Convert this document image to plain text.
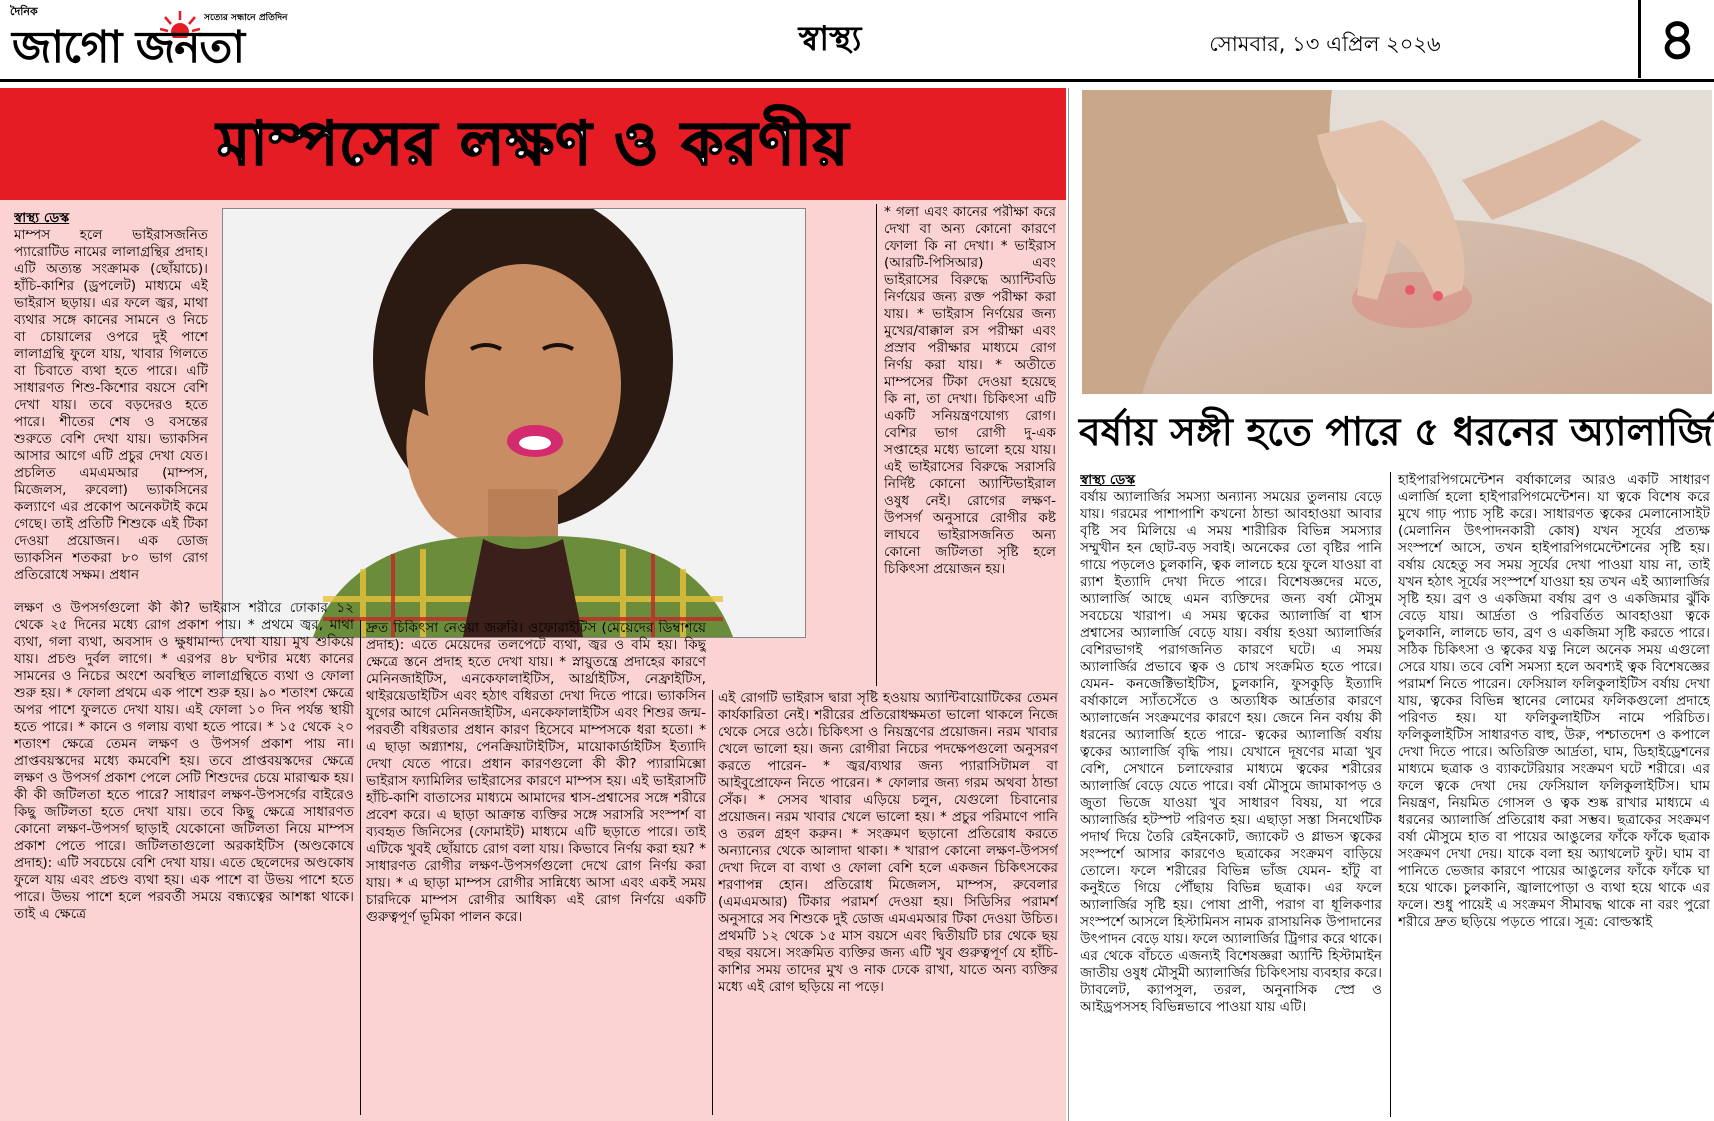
দৈনিক	সত্যের সন্ধানে প্রতিদিন
জাগো জনতা	স্বাস্থ্য	সোমবার, ১৩ এপ্রিল ২০২৬	৪
মাম্পসের লক্ষণ ও করণীয়

স্বাস্থ্য ডেস্ক

মাম্পস হলে ভাইরাসজনিত প্যারোটিড নামের লালাগ্রন্থির প্রদাহ। এটি অত্যন্ত সংক্রামক (ছোঁয়াচে)। হাঁচি-কাশির (ড্রপলেট) মাধ্যমে এই ভাইরাস ছড়ায়। এর ফলে জ্বর, মাথা ব্যথার সঙ্গে কানের সামনে ও নিচে বা চোয়ালের ওপরে দুই পাশে লালাগ্রন্থি ফুলে যায়, খাবার গিলতে বা চিবাতে ব্যথা হতে পারে। এটি সাধারণত শিশু-কিশোর বয়সে বেশি দেখা যায়। তবে বড়দেরও হতে পারে। শীতের শেষ ও বসন্তের শুরুতে বেশি দেখা যায়। ভ্যাকসিন আসার আগে এটি প্রচুর দেখা যেত। প্রচলিত এমএমআর (মাম্পস, মিজেলস, রুবেলা) ভ্যাকসিনের কল্যাণে এর প্রকোপ অনেকটাই কমে গেছে। তাই প্রতিটি শিশুকে এই টিকা দেওয়া প্রয়োজন। এক ডোজ ভ্যাকসিন শতকরা ৮০ ভাগ রোগ প্রতিরোধে সক্ষম। প্রধান

* গলা এবং কানের পরীক্ষা করে দেখা বা অন্য কোনো কারণে ফোলা কি না দেখা। * ভাইরাস (আরটি-পিসিআর) এবং ভাইরাসের বিরুদ্ধে অ্যান্টিবডি নির্ণয়ের জন্য রক্ত পরীক্ষা করা যায়। * ভাইরাস নির্ণয়ের জন্য মুখের/বাক্কাল রস পরীক্ষা এবং প্রস্রাব পরীক্ষার মাধ্যমে রোগ নির্ণয় করা যায়। * অতীতে মাম্পসের টিকা দেওয়া হয়েছে কি না, তা দেখা। চিকিৎসা এটি একটি সনিয়ন্ত্রণযোগ্য রোগ। বেশির ভাগ রোগী দু-এক সপ্তাহের মধ্যে ভালো হয়ে যায়। এই ভাইরাসের বিরুদ্ধে সরাসরি নির্দিষ্ট কোনো অ্যান্টিভাইরাল ওষুধ নেই। রোগের লক্ষণ-উপসর্গ অনুসারে রোগীর কষ্ট লাঘবে ভাইরাসজনিত অন্য কোনো জটিলতা সৃষ্টি হলে চিকিৎসা প্রয়োজন হয়।

লক্ষণ ও উপসর্গগুলো কী কী? ভাইরাস শরীরে ঢোকার ১২ থেকে ২৫ দিনের মধ্যে রোগ প্রকাশ পায়। * প্রথমে জ্বর, মাথা ব্যথা, গলা ব্যথা, অবসাদ ও ক্ষুধামান্দ্য দেখা যায়। মুখ শুকিয়ে যায়। প্রচণ্ড দুর্বল লাগে। * এরপর ৪৮ ঘণ্টার মধ্যে কানের সামনের ও নিচের অংশে অবস্থিত লালাগ্রন্থিতে ব্যথা ও ফোলা শুরু হয়। * ফোলা প্রথমে এক পাশে শুরু হয়। ৯০ শতাংশ ক্ষেত্রে অপর পাশে ফুলতে দেখা যায়। এই ফোলা ১০ দিন পর্যন্ত স্থায়ী হতে পারে। * কানে ও গলায় ব্যথা হতে পারে। * ১৫ থেকে ২০ শতাংশ ক্ষেত্রে তেমন লক্ষণ ও উপসর্গ প্রকাশ পায় না। প্রাপ্তবয়স্কদের মধ্যে কমবেশি হয়। তবে প্রাপ্তবয়স্কদের ক্ষেত্রে লক্ষণ ও উপসর্গ প্রকাশ পেলে সেটি শিশুদের চেয়ে মারাত্মক হয়। কী কী জটিলতা হতে পারে? সাধারণ লক্ষণ-উপসর্গের বাইরেও কিছু জটিলতা হতে দেখা যায়। তবে কিছু ক্ষেত্রে সাধারণত কোনো লক্ষণ-উপসর্গ ছাড়াই যেকোনো জটিলতা নিয়ে মাম্পস প্রকাশ পেতে পারে। জটিলতাগুলো অরকাইটিস (অণ্ডকোষে প্রদাহ): এটি সবচেয়ে বেশি দেখা যায়। এতে ছেলেদের অণ্ডকোষ ফুলে যায় এবং প্রচণ্ড ব্যথা হয়। এক পাশে বা উভয় পাশে হতে পারে। উভয় পাশে হলে পরবর্তী সময়ে বন্ধ্যত্বের আশঙ্কা থাকে। তাই এ ক্ষেত্রে

দ্রুত চিকিৎসা নেওয়া জরুরি। ওফোরাইটিস (মেয়েদের ডিম্বাশয়ে প্রদাহ): এতে মেয়েদের তলপেটে ব্যথা, জ্বর ও বমি হয়। কিছু ক্ষেত্রে স্তনে প্রদাহ হতে দেখা যায়। * স্নায়ুতন্ত্রে প্রদাহের কারণে মেনিনজাইটিস, এনকেফালাইটিস, আর্থ্রাইটিস, নেফ্রাইটিস, থাইরয়েডাইটিস এবং হঠাৎ বধিরতা দেখা দিতে পারে। ভ্যাকসিন যুগের আগে মেনিনজাইটিস, এনকেফালাইটিস এবং শিশুর জন্ম-পরবর্তী বধিরতার প্রধান কারণ হিসেবে মাম্পসকে ধরা হতো। * এ ছাড়া অগ্ন্যাশয়, পেনক্রিয়াটাইটিস, মায়োকার্ডাইটিস ইত্যাদি দেখা যেতে পারে। প্রধান কারণগুলো কী কী? প্যারামিক্সো ভাইরাস ফ্যামিলির ভাইরাসের কারণে মাম্পস হয়। এই ভাইরাসটি হাঁচি-কাশি বাতাসের মাধ্যমে আমাদের শ্বাস-প্রশ্বাসের সঙ্গে শরীরে প্রবেশ করে। এ ছাড়া আক্রান্ত ব্যক্তির সঙ্গে সরাসরি সংস্পর্শ বা ব্যবহৃত জিনিসের (ফোমাইট) মাধ্যমে এটি ছড়াতে পারে। তাই এটিকে খুবই ছোঁয়াচে রোগ বলা যায়। কিভাবে নির্ণয় করা হয়? * সাধারণত রোগীর লক্ষণ-উপসর্গগুলো দেখে রোগ নির্ণয় করা যায়। * এ ছাড়া মাম্পস রোগীর সান্নিধ্যে আসা এবং একই সময় চারদিকে মাম্পস রোগীর আধিক্য এই রোগ নির্ণয়ে একটি গুরুত্বপূর্ণ ভূমিকা পালন করে।

এই রোগটি ভাইরাস দ্বারা সৃষ্টি হওয়ায় অ্যান্টিবায়োটিকের তেমন কার্যকারিতা নেই। শরীরের প্রতিরোধক্ষমতা ভালো থাকলে নিজে থেকে সেরে ওঠে। চিকিৎসা ও নিয়ন্ত্রণের প্রয়োজন। নরম খাবার খেলে ভালো হয়। জন্য রোগীরা নিচের পদক্ষেপগুলো অনুসরণ করতে পারেন- * জ্বর/ব্যথার জন্য প্যারাসিটামল বা আইবুপ্রোফেন নিতে পারেন। * ফোলার জন্য গরম অথবা ঠান্ডা সেঁক। * সেসব খাবার এড়িয়ে চলুন, যেগুলো চিবানোর প্রয়োজন। নরম খাবার খেলে ভালো হয়। * প্রচুর পরিমাণে পানি ও তরল গ্রহণ করুন। * সংক্রমণ ছড়ানো প্রতিরোধ করতে অন্যান্যের থেকে আলাদা থাকা। * খারাপ কোনো লক্ষণ-উপসর্গ দেখা দিলে বা ব্যথা ও ফোলা বেশি হলে একজন চিকিৎসকের শরণাপন্ন হোন। প্রতিরোধ মিজেলস, মাম্পস, রুবেলার (এমএমআর) টিকার পরামর্শ দেওয়া হয়। সিডিসির পরামর্শ অনুসারে সব শিশুকে দুই ডোজ এমএমআর টিকা দেওয়া উচিত। প্রথমটি ১২ থেকে ১৫ মাস বয়সে এবং দ্বিতীয়টি চার থেকে ছয় বছর বয়সে। সংক্রমিত ব্যক্তির জন্য এটি খুব গুরুত্বপূর্ণ যে হাঁচি-কাশির সময় তাদের মুখ ও নাক ঢেকে রাখা, যাতে অন্য ব্যক্তির মধ্যে এই রোগ ছড়িয়ে না পড়ে।

বর্ষায় সঙ্গী হতে পারে ৫ ধরনের অ্যালার্জি

স্বাস্থ্য ডেস্ক

বর্ষায় অ্যালার্জির সমস্যা অন্যান্য সময়ের তুলনায় বেড়ে যায়। গরমের পাশাপাশি কখনো ঠান্ডা আবহাওয়া আবার বৃষ্টি সব মিলিয়ে এ সময় শারীরিক বিভিন্ন সমস্যার সম্মুখীন হন ছোট-বড় সবাই। অনেকের তো বৃষ্টির পানি গায়ে পড়লেও চুলকানি, ত্বক লালচে হয়ে ফুলে যাওয়া বা র‍্যাশ ইত্যাদি দেখা দিতে পারে। বিশেষজ্ঞদের মতে, অ্যালার্জি আছে এমন ব্যক্তিদের জন্য বর্ষা মৌসুম সবচেয়ে খারাপ। এ সময় ত্বকের অ্যালার্জি বা শ্বাস প্রশ্বাসের অ্যালার্জি বেড়ে যায়। বর্ষায় হওয়া অ্যালার্জির বেশিরভাগই পরাগজনিত কারণে ঘটে। এ সময় অ্যালার্জির প্রভাবে ত্বক ও চোখ সংক্রমিত হতে পারে। যেমন- কনজেক্টিভাইটিস, চুলকানি, ফুসকুড়ি ইত্যাদি বর্ষাকালে স্যাঁতসেঁতে ও অত্যধিক আর্দ্রতার কারণে অ্যালার্জেন সংক্রমণের কারণে হয়। জেনে নিন বর্ষায় কী ধরনের অ্যালার্জি হতে পারে- ত্বকের অ্যালার্জি বর্ষায় ত্বকের অ্যালার্জি বৃদ্ধি পায়। যেখানে দূষণের মাত্রা খুব বেশি, সেখানে চলাফেরার মাধ্যমে ত্বকের শরীরের অ্যালার্জি বেড়ে যেতে পারে। বর্ষা মৌসুমে জামাকাপড় ও জুতা ভিজে যাওয়া খুব সাধারণ বিষয়, যা পরে অ্যালার্জির হটস্পট পরিণত হয়। এছাড়া সস্তা সিনথেটিক পদার্থ দিয়ে তৈরি রেইনকোট, জ্যাকেট ও গ্লাভস ত্বকের সংস্পর্শে আসার কারণেও ছত্রাকের সংক্রমণ বাড়িয়ে তোলে। ফলে শরীরের বিভিন্ন ভাঁজ যেমন- হাঁটু বা কনুইতে গিয়ে পৌঁছায় বিভিন্ন ছত্রাক। এর ফলে অ্যালার্জির সৃষ্টি হয়। পোষা প্রাণী, পরাগ বা ধূলিকণার সংস্পর্শে আসলে হিস্টামিনস নামক রাসায়নিক উপাদানের উৎপাদন বেড়ে যায়। ফলে অ্যালার্জির ট্রিগার করে থাকে। এর থেকে বাঁচতে এজন্যই বিশেষজ্ঞরা অ্যান্টি হিস্টামাইন জাতীয় ওষুধ মৌসুমী অ্যালার্জির চিকিৎসায় ব্যবহার করে। ট্যাবলেট, ক্যাপসুল, তরল, অনুনাসিক স্প্রে ও আইড্রপসসহ বিভিন্নভাবে পাওয়া যায় এটি।

হাইপারপিগমেন্টেশন বর্ষাকালের আরও একটি সাধারণ এলার্জি হলো হাইপারপিগমেন্টেশন। যা ত্বকে বিশেষ করে মুখে গাঢ় প্যাচ সৃষ্টি করে। সাধারণত ত্বকের মেলানোসাইট (মেলানিন উৎপাদনকারী কোষ) যখন সূর্যের প্রত্যক্ষ সংস্পর্শে আসে, তখন হাইপারপিগমেন্টেশনের সৃষ্টি হয়। বর্ষায় যেহেতু সব সময় সূর্যের দেখা পাওয়া যায় না, তাই যখন হঠাৎ সূর্যের সংস্পর্শে যাওয়া হয় তখন এই অ্যালার্জির সৃষ্টি হয়। ব্রণ ও একজিমা বর্ষায় ব্রণ ও একজিমার ঝুঁকি বেড়ে যায়। আর্দ্রতা ও পরিবর্তিত আবহাওয়া ত্বকে চুলকানি, লালচে ভাব, ব্রণ ও একজিমা সৃষ্টি করতে পারে। সঠিক চিকিৎসা ও ত্বকের যত্ন নিলে অনেক সময় এগুলো সেরে যায়। তবে বেশি সমস্যা হলে অবশ্যই ত্বক বিশেষজ্ঞের পরামর্শ নিতে পারেন। ফেসিয়াল ফলিকুলাইটিস বর্ষায় দেখা যায়, ত্বকের বিভিন্ন স্থানের লোমের ফলিকগুলো প্রদাহে পরিণত হয়। যা ফলিকুলাইটিস নামে পরিচিত। ফলিকুলাইটিস সাধারণত বাহু, উরু, পশ্চাতদেশ ও কপালে দেখা দিতে পারে। অতিরিক্ত আর্দ্রতা, ঘাম, ডিহাইড্রেশনের মাধ্যমে ছত্রাক ও ব্যাকটেরিয়ার সংক্রমণ ঘটে শরীরে। এর ফলে ত্বকে দেখা দেয় ফেসিয়াল ফলিকুলাইটিস। ঘাম নিয়ন্ত্রণ, নিয়মিত গোসল ও ত্বক শুষ্ক রাখার মাধ্যমে এ ধরনের অ্যালার্জি প্রতিরোধ করা সম্ভব। ছত্রাকের সংক্রমণ বর্ষা মৌসুমে হাত বা পায়ের আঙুলের ফাঁকে ফাঁকে ছত্রাক সংক্রমণ দেখা দেয়। যাকে বলা হয় অ্যাথলেট ফুট। ঘাম বা পানিতে ভেজার কারণে পায়ের আঙুলের ফাঁকে ফাঁকে ঘা হয়ে থাকে। চুলকানি, জ্বালাপোড়া ও ব্যথা হয়ে থাকে এর ফলে। শুধু পায়েই এ সংক্রমণ সীমাবদ্ধ থাকে না বরং পুরো শরীরে দ্রুত ছড়িয়ে পড়তে পারে। সূত্র: বোল্ডস্কাই
